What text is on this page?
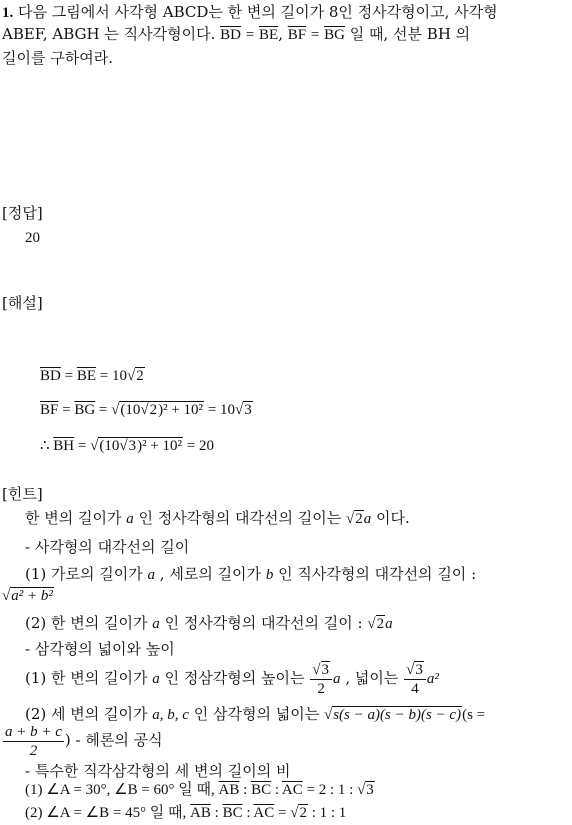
1. 다음 그림에서 사각형 ABCD는 한 변의 길이가 8인 정사각형이고, 사각형
ABEF, ABGH 는 직사각형이다. $\overline{BD} = \overline{BE}$, $\overline{BF} = \overline{BG}$ 일 때, 선분 BH 의
길이를 구하여라.
[정답]
20
[해설]
$\overline{BD} = \overline{BE} = 10√2$
$\overline{BF} = \overline{BG} = √(10√2)^2 + 10^2 = 10√3$
∴ $\overline{BH} = √(10√3)^2 + 10^2 = 20$
[힌트]
한 변의 길이가 a 인 정사각형의 대각선의 길이는 √2a 이다.
- 사각형의 대각선의 길이
(1) 가로의 길이가 a , 세로의 길이가 b 인 직사각형의 대각선의 길이 :
√a² + b²
(2) 한 변의 길이가 a 인 정사각형의 대각선의 길이 : √2a
- 삼각형의 넓이와 높이
(1) 한 변의 길이가 a 인 정삼각형의 높이는 $\frac{√3}{2}$ a , 넓이는 $\frac{√3}{4} a^2$
(2) 세 변의 길이가 a, b, c 인 삼각형의 넓이는 √s(s − a)(s − b)(s − c)(s =
$\frac{a + b + c}{2}$ ) - 헤론의 공식
- 특수한 직각삼각형의 세 변의 길이의 비
(1) ∠A = 30°, ∠B = 60° 일 때, $\overline{AB}$ : $\overline{BC}$ : $\overline{AC} = 2$ : 1 : √3
(2) ∠A = ∠B = 45° 일 때, $\overline{AB}$ : $\overline{BC}$ : $\overline{AC} = √2$ : 1 : 1
